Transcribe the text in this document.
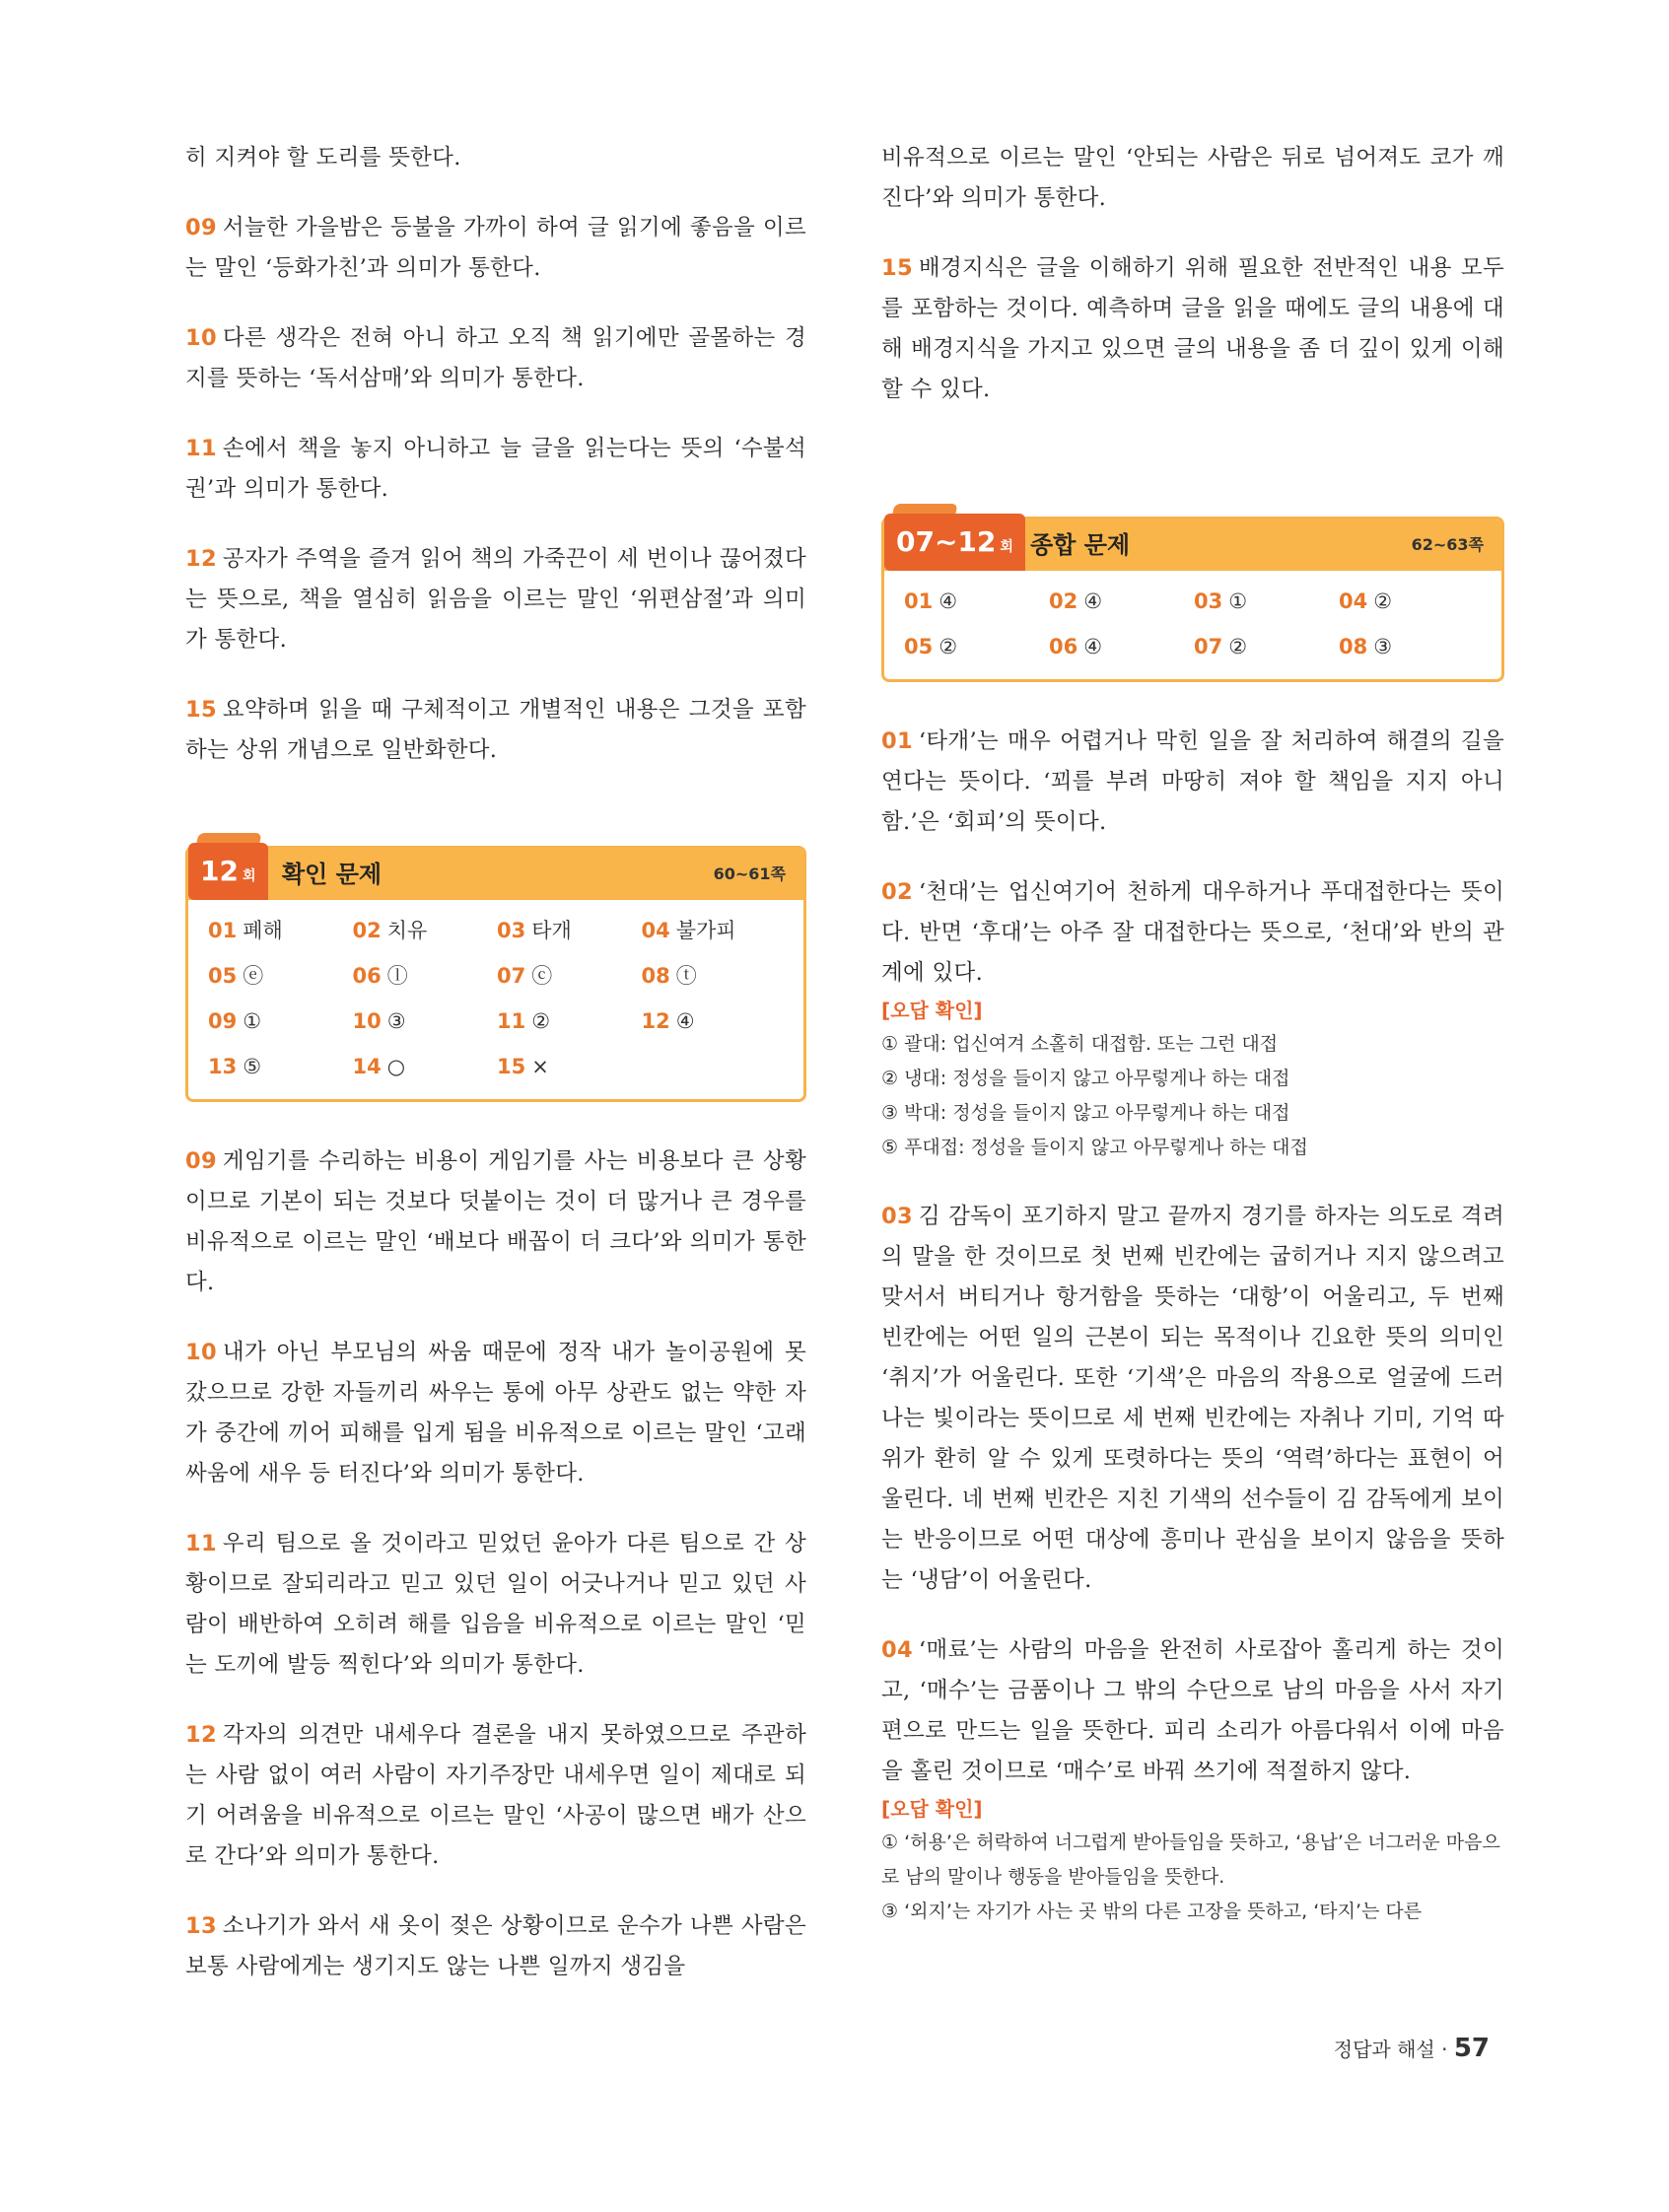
히 지켜야 할 도리를 뜻한다.

09 서늘한 가을밤은 등불을 가까이 하여 글 읽기에 좋음을 이르는 말인 ‘등화가친’과 의미가 통한다.

10 다른 생각은 전혀 아니 하고 오직 책 읽기에만 골몰하는 경지를 뜻하는 ‘독서삼매’와 의미가 통한다.

11 손에서 책을 놓지 아니하고 늘 글을 읽는다는 뜻의 ‘수불석권’과 의미가 통한다.

12 공자가 주역을 즐겨 읽어 책의 가죽끈이 세 번이나 끊어졌다는 뜻으로, 책을 열심히 읽음을 이르는 말인 ‘위편삼절’과 의미가 통한다.

15 요약하며 읽을 때 구체적이고 개별적인 내용은 그것을 포함하는 상위 개념으로 일반화한다.

12 회	확인 문제	60~61쪽
01 폐해	02 치유	03 타개	04 불가피
05 ⓔ	06 ⓛ	07 ⓒ	08 ⓣ
09 ①	10 ③	11 ②	12 ④
13 ⑤	14 ○	15 ×

09 게임기를 수리하는 비용이 게임기를 사는 비용보다 큰 상황이므로 기본이 되는 것보다 덧붙이는 것이 더 많거나 큰 경우를 비유적으로 이르는 말인 ‘배보다 배꼽이 더 크다’와 의미가 통한다.

10 내가 아닌 부모님의 싸움 때문에 정작 내가 놀이공원에 못 갔으므로 강한 자들끼리 싸우는 통에 아무 상관도 없는 약한 자가 중간에 끼어 피해를 입게 됨을 비유적으로 이르는 말인 ‘고래 싸움에 새우 등 터진다’와 의미가 통한다.

11 우리 팀으로 올 것이라고 믿었던 윤아가 다른 팀으로 간 상황이므로 잘되리라고 믿고 있던 일이 어긋나거나 믿고 있던 사람이 배반하여 오히려 해를 입음을 비유적으로 이르는 말인 ‘믿는 도끼에 발등 찍힌다’와 의미가 통한다.

12 각자의 의견만 내세우다 결론을 내지 못하였으므로 주관하는 사람 없이 여러 사람이 자기주장만 내세우면 일이 제대로 되기 어려움을 비유적으로 이르는 말인 ‘사공이 많으면 배가 산으로 간다’와 의미가 통한다.

13 소나기가 와서 새 옷이 젖은 상황이므로 운수가 나쁜 사람은 보통 사람에게는 생기지도 않는 나쁜 일까지 생김을

비유적으로 이르는 말인 ‘안되는 사람은 뒤로 넘어져도 코가 깨진다’와 의미가 통한다.

15 배경지식은 글을 이해하기 위해 필요한 전반적인 내용 모두를 포함하는 것이다. 예측하며 글을 읽을 때에도 글의 내용에 대해 배경지식을 가지고 있으면 글의 내용을 좀 더 깊이 있게 이해할 수 있다.

07~12 회 종합 문제	62~63쪽
01 ④	02 ④	03 ①	04 ②
05 ②	06 ④	07 ②	08 ③

01 ‘타개’는 매우 어렵거나 막힌 일을 잘 처리하여 해결의 길을 연다는 뜻이다. ‘꾀를 부려 마땅히 져야 할 책임을 지지 아니함.’은 ‘회피’의 뜻이다.

02 ‘천대’는 업신여기어 천하게 대우하거나 푸대접한다는 뜻이다. 반면 ‘후대’는 아주 잘 대접한다는 뜻으로, ‘천대’와 반의 관계에 있다.

[오답 확인]
① 괄대: 업신여겨 소홀히 대접함. 또는 그런 대접
② 냉대: 정성을 들이지 않고 아무렇게나 하는 대접
③ 박대: 정성을 들이지 않고 아무렇게나 하는 대접
⑤ 푸대접: 정성을 들이지 않고 아무렇게나 하는 대접

03 김 감독이 포기하지 말고 끝까지 경기를 하자는 의도로 격려의 말을 한 것이므로 첫 번째 빈칸에는 굽히거나 지지 않으려고 맞서서 버티거나 항거함을 뜻하는 ‘대항’이 어울리고, 두 번째 빈칸에는 어떤 일의 근본이 되는 목적이나 긴요한 뜻의 의미인 ‘취지’가 어울린다. 또한 ‘기색’은 마음의 작용으로 얼굴에 드러나는 빛이라는 뜻이므로 세 번째 빈칸에는 자취나 기미, 기억 따위가 환히 알 수 있게 또렷하다는 뜻의 ‘역력’하다는 표현이 어울린다. 네 번째 빈칸은 지친 기색의 선수들이 김 감독에게 보이는 반응이므로 어떤 대상에 흥미나 관심을 보이지 않음을 뜻하는 ‘냉담’이 어울린다.

04 ‘매료’는 사람의 마음을 완전히 사로잡아 홀리게 하는 것이고, ‘매수’는 금품이나 그 밖의 수단으로 남의 마음을 사서 자기편으로 만드는 일을 뜻한다. 피리 소리가 아름다워서 이에 마음을 홀린 것이므로 ‘매수’로 바꿔 쓰기에 적절하지 않다.

[오답 확인]
① ‘허용’은 허락하여 너그럽게 받아들임을 뜻하고, ‘용납’은 너그러운 마음으로 남의 말이나 행동을 받아들임을 뜻한다.
③ ‘외지’는 자기가 사는 곳 밖의 다른 고장을 뜻하고, ‘타지’는 다른
정답과 해설 · 57
